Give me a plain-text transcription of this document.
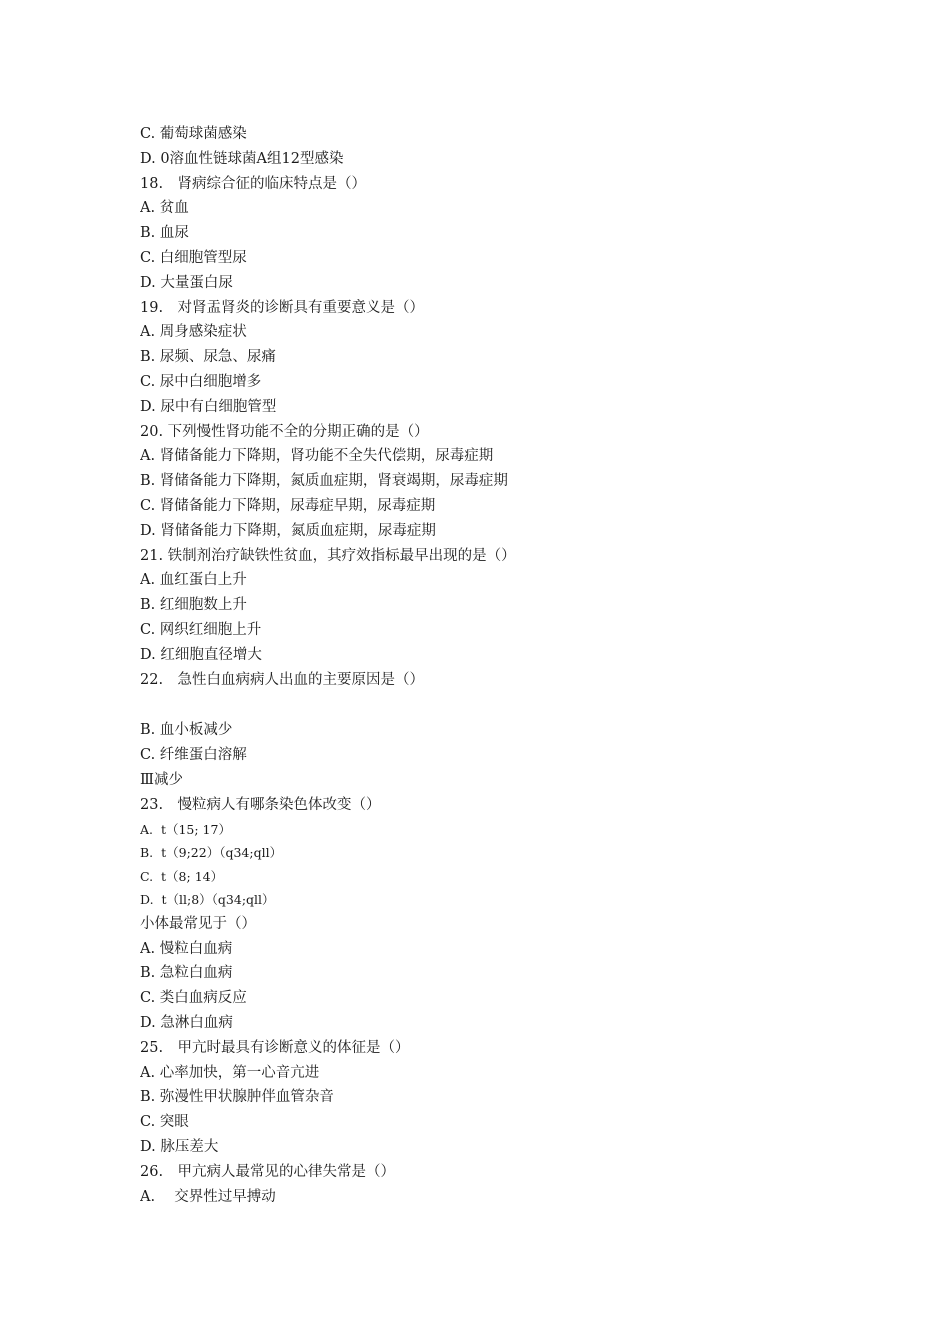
C. 葡萄球菌感染
D. 0溶血性链球菌A组12型感染
18.　肾病综合征的临床特点是（）
A. 贫血
B. 血尿
C. 白细胞管型尿
D. 大量蛋白尿
19.　对肾盂肾炎的诊断具有重要意义是（）
A. 周身感染症状
B. 尿频、尿急、尿痛
C. 尿中白细胞增多
D. 尿中有白细胞管型
20. 下列慢性肾功能不全的分期正确的是（）
A. 肾储备能力下降期，肾功能不全失代偿期，尿毒症期
B. 肾储备能力下降期，氮质血症期，肾衰竭期，尿毒症期
C. 肾储备能力下降期，尿毒症早期，尿毒症期
D. 肾储备能力下降期，氮质血症期，尿毒症期
21. 铁制剂治疗缺铁性贫血，其疗效指标最早出现的是（）
A. 血红蛋白上升
B. 红细胞数上升
C. 网织红细胞上升
D. 红细胞直径增大
22.　急性白血病病人出血的主要原因是（）
B. 血小板减少
C. 纤维蛋白溶解
Ⅲ减少
23.　慢粒病人有哪条染色体改变（）
A.  t（15; 17）
B.  t（9;22）（q34;qll）
C.  t（8; 14）
D.  t（ll;8）（q34;qll）
小体最常见于（）
A. 慢粒白血病
B. 急粒白血病
C. 类白血病反应
D. 急淋白血病
25.　甲亢时最具有诊断意义的体征是（）
A. 心率加快，第一心音亢进
B. 弥漫性甲状腺肿伴血管杂音
C. 突眼
D. 脉压差大
26.　甲亢病人最常见的心律失常是（）
A.　 交界性过早搏动
